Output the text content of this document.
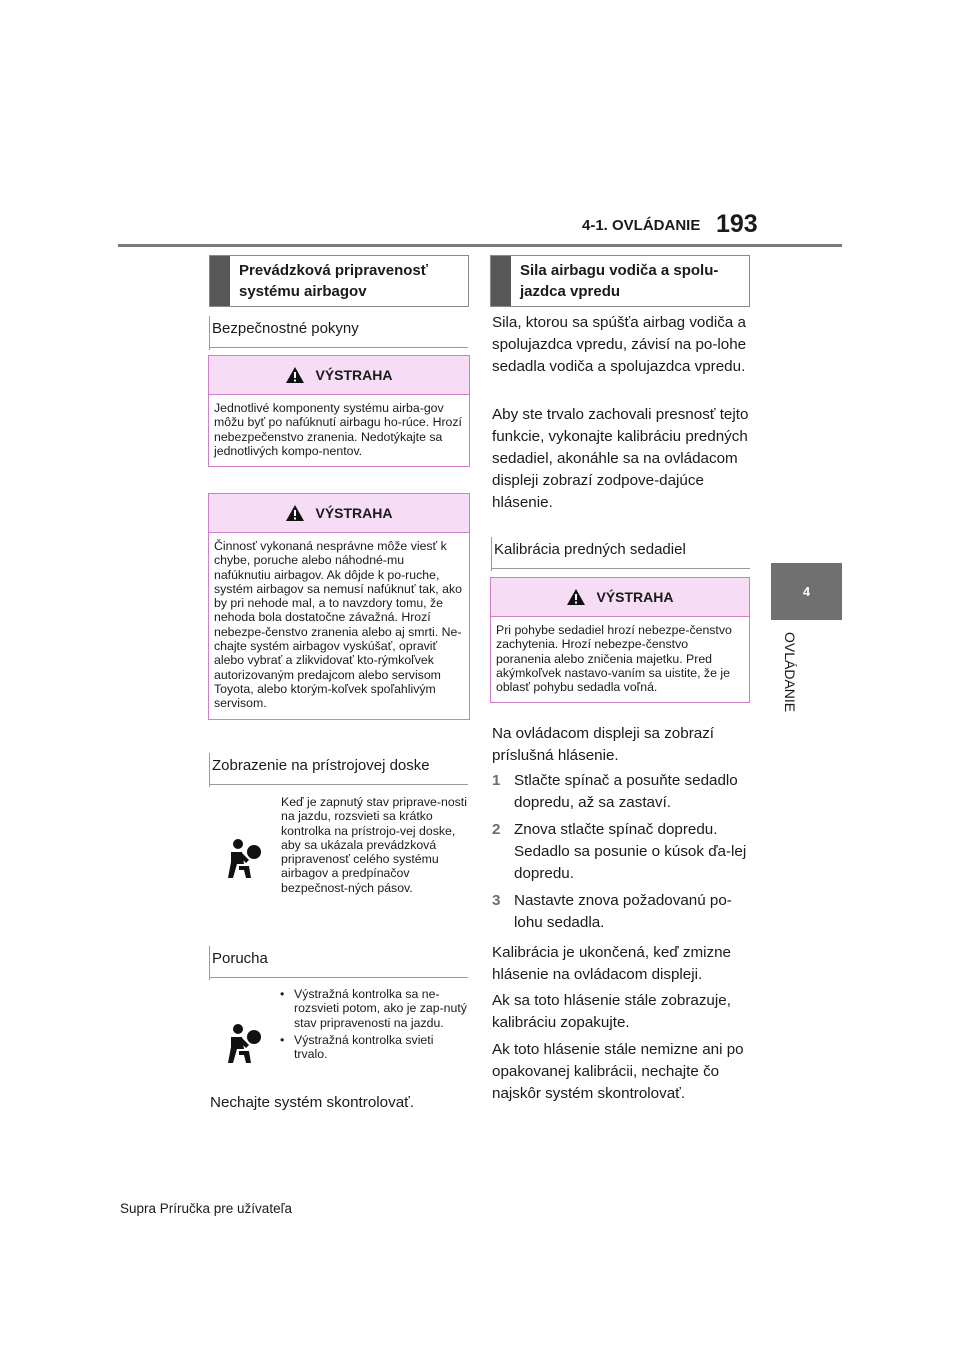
4-1. OVLÁDANIE 193
4
OVLÁDANIE
Prevádzková pripravenosť systému airbagov
Bezpečnostné pokyny
VÝSTRAHA
Jednotlivé komponenty systému airba-gov môžu byť po nafúknutí airbagu ho-rúce. Hrozí nebezpečenstvo zranenia. Nedotýkajte sa jednotlivých kompo-nentov.
VÝSTRAHA
Činnosť vykonaná nesprávne môže viesť k chybe, poruche alebo náhodné-mu nafúknutiu airbagov. Ak dôjde k po-ruche, systém airbagov sa nemusí nafúknuť tak, ako by pri nehode mal, a to navzdory tomu, že nehoda bola dostatočne závažná. Hrozí nebezpe-čenstvo zranenia alebo aj smrti. Ne-chajte systém airbagov vyskúšať, opraviť alebo vybrať a zlikvidovať kto-rýmkoľvek autorizovaným predajcom alebo servisom Toyota, alebo ktorým-koľvek spoľahlivým servisom.
Zobrazenie na prístrojovej doske
Keď je zapnutý stav priprave-nosti na jazdu, rozsvieti sa krátko kontrolka na prístrojo-vej doske, aby sa ukázala prevádzková pripravenosť celého systému airbagov a predpínačov bezpečnost-ných pásov.
Porucha
• Výstražná kontrolka sa ne-rozsvieti potom, ako je zap-nutý stav pripravenosti na jazdu.
• Výstražná kontrolka svieti trvalo.

Nechajte systém skontrolovať.

Sila airbagu vodiča a spolu-jazdca vpredu

Sila, ktorou sa spúšťa airbag vodiča a spolujazdca vpredu, závisí na po-lohe sedadla vodiča a spolujazdca vpredu.

Aby ste trvalo zachovali presnosť tejto funkcie, vykonajte kalibráciu predných sedadiel, akonáhle sa na ovládacom displeji zobrazí zodpove-dajúce hlásenie.

Kalibrácia predných sedadiel
VÝSTRAHA
Pri pohybe sedadiel hrozí nebezpe-čenstvo zachytenia. Hrozí nebezpe-čenstvo poranenia alebo zničenia majetku. Pred akýmkoľvek nastavo-vaním sa uistite, že je oblasť pohybu sedadla voľná.

Na ovládacom displeji sa zobrazí príslušná hlásenie.

1 Stlačte spínač a posuňte sedadlo dopredu, až sa zastaví.
2 Znova stlačte spínač dopredu. Sedadlo sa posunie o kúsok ďa-lej dopredu.
3 Nastavte znova požadovanú po-lohu sedadla.

Kalibrácia je ukončená, keď zmizne hlásenie na ovládacom displeji.

Ak sa toto hlásenie stále zobrazuje, kalibráciu zopakujte.

Ak toto hlásenie stále nemizne ani po opakovanej kalibrácii, nechajte čo najskôr systém skontrolovať.

Supra Príručka pre užívateľa
